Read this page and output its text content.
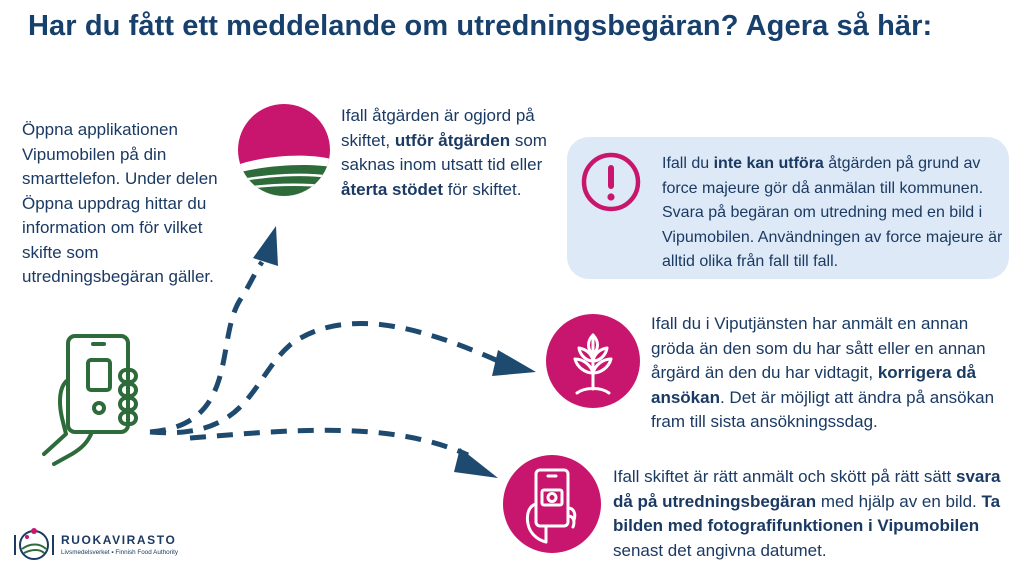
Har du fått ett meddelande om utredningsbegäran? Agera så här:
Öppna applikationen Vipumobilen på din smarttelefon. Under delen Öppna uppdrag hittar du information om för vilket skifte som utredningsbegäran gäller.
Ifall åtgärden är ogjord på skiftet, utför åtgärden som saknas inom utsatt tid eller återta stödet för skiftet.
Ifall du inte kan utföra åtgärden på grund av force majeure gör då anmälan till kommunen. Svara på begäran om utredning med en bild i Vipumobilen. Användningen av force majeure är alltid olika från fall till fall.
Ifall du i Viputjänsten har anmält en annan gröda än den som du har sått eller en annan årgärd än den du har vidtagit, korrigera då ansökan. Det är möjligt att ändra på ansökan fram till sista ansökningssdag.
Ifall skiftet är rätt anmält och skött på rätt sätt svara då på utredningsbegäran med hjälp av en bild. Ta bilden med fotografifunktionen i Vipumobilen senast det angivna datumet.
RUOKAVIRASTO
Livsmedelsverket ▪ Finnish Food Authority
